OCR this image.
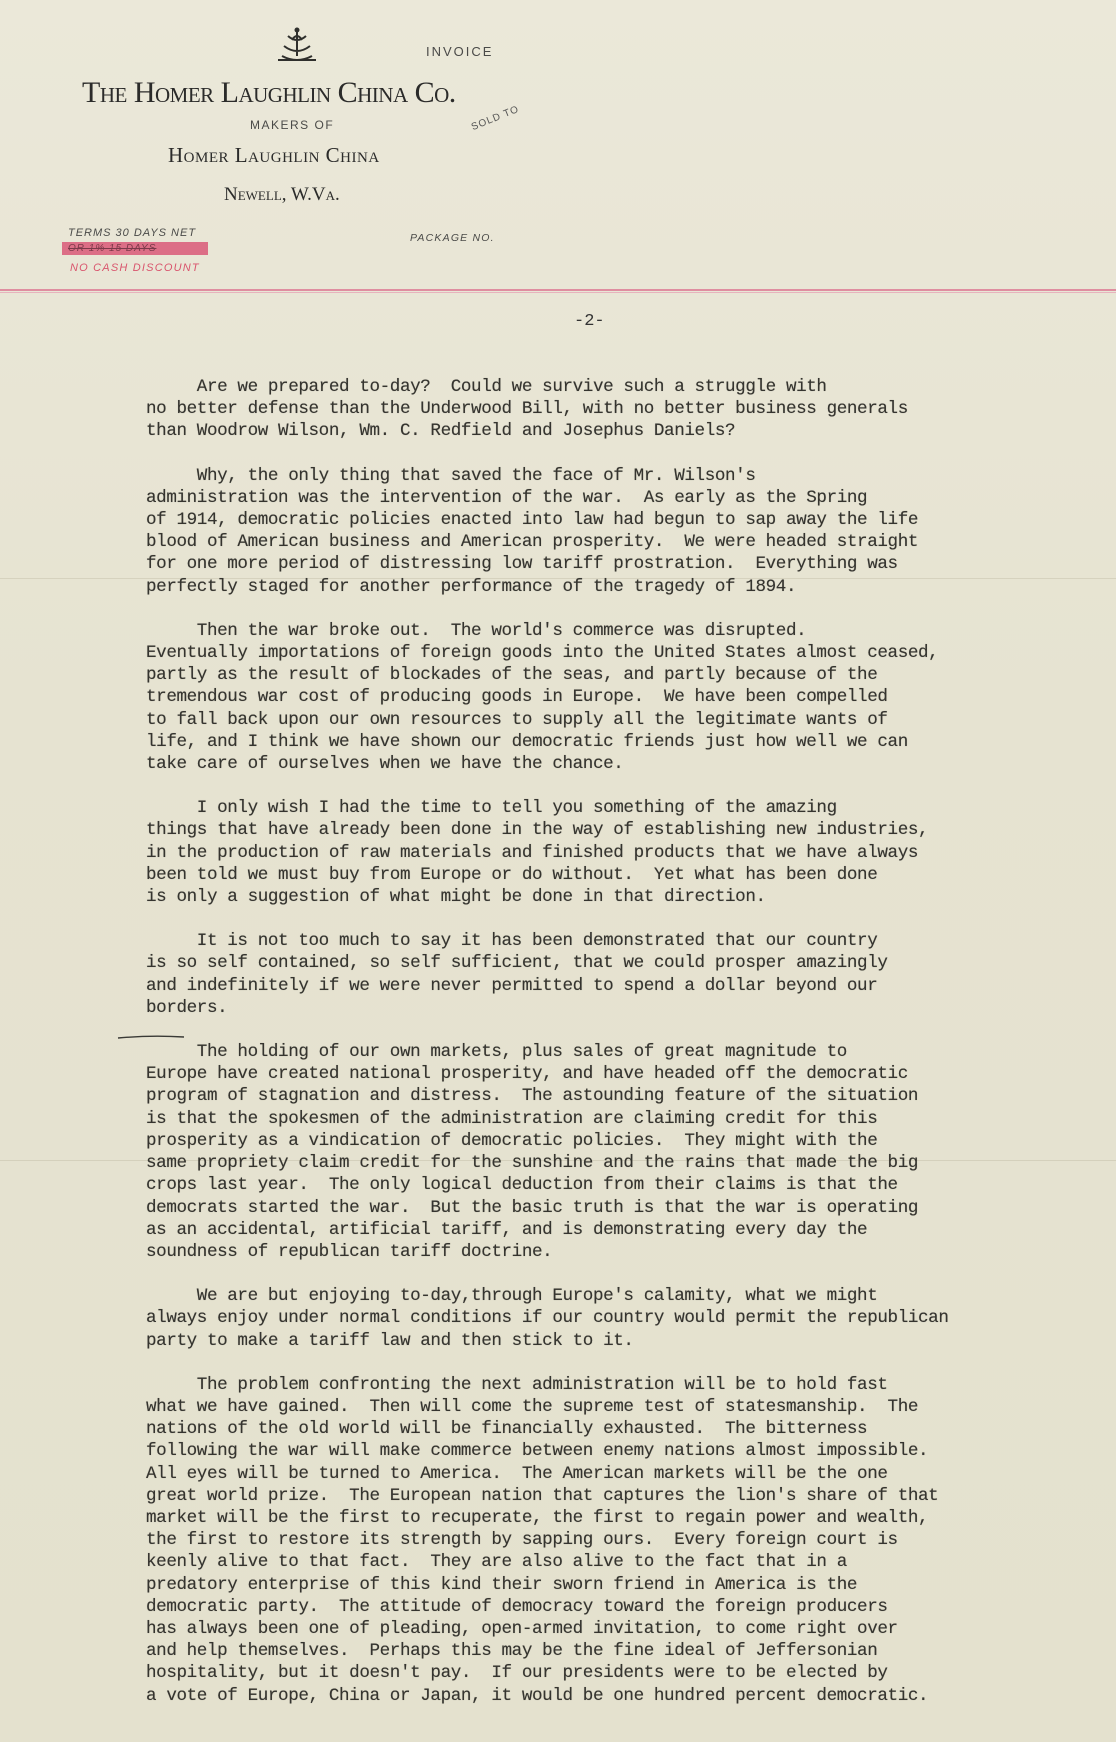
INVOICE
The Homer Laughlin China Co.
MAKERS OF	SOLD TO
Homer Laughlin China
Newell, W.Va.
TERMS 30 DAYS NET
OR 1% 15 DAYS
NO CASH DISCOUNT
PACKAGE NO.
-2-
Are we prepared to-day?  Could we survive such a struggle with
no better defense than the Underwood Bill, with no better business generals
than Woodrow Wilson, Wm. C. Redfield and Josephus Daniels?
Why, the only thing that saved the face of Mr. Wilson's
administration was the intervention of the war.  As early as the Spring
of 1914, democratic policies enacted into law had begun to sap away the life
blood of American business and American prosperity.  We were headed straight
for one more period of distressing low tariff prostration.  Everything was
perfectly staged for another performance of the tragedy of 1894.
Then the war broke out.  The world's commerce was disrupted.
Eventually importations of foreign goods into the United States almost ceased,
partly as the result of blockades of the seas, and partly because of the
tremendous war cost of producing goods in Europe.  We have been compelled
to fall back upon our own resources to supply all the legitimate wants of
life, and I think we have shown our democratic friends just how well we can
take care of ourselves when we have the chance.
I only wish I had the time to tell you something of the amazing
things that have already been done in the way of establishing new industries,
in the production of raw materials and finished products that we have always
been told we must buy from Europe or do without.  Yet what has been done
is only a suggestion of what might be done in that direction.
It is not too much to say it has been demonstrated that our country
is so self contained, so self sufficient, that we could prosper amazingly
and indefinitely if we were never permitted to spend a dollar beyond our
borders.
The holding of our own markets, plus sales of great magnitude to
Europe have created national prosperity, and have headed off the democratic
program of stagnation and distress.  The astounding feature of the situation
is that the spokesmen of the administration are claiming credit for this
prosperity as a vindication of democratic policies.  They might with the
same propriety claim credit for the sunshine and the rains that made the big
crops last year.  The only logical deduction from their claims is that the
democrats started the war.  But the basic truth is that the war is operating
as an accidental, artificial tariff, and is demonstrating every day the
soundness of republican tariff doctrine.
We are but enjoying to-day,through Europe's calamity, what we might
always enjoy under normal conditions if our country would permit the republican
party to make a tariff law and then stick to it.
The problem confronting the next administration will be to hold fast
what we have gained.  Then will come the supreme test of statesmanship.  The
nations of the old world will be financially exhausted.  The bitterness
following the war will make commerce between enemy nations almost impossible.
All eyes will be turned to America.  The American markets will be the one
great world prize.  The European nation that captures the lion's share of that
market will be the first to recuperate, the first to regain power and wealth,
the first to restore its strength by sapping ours.  Every foreign court is
keenly alive to that fact.  They are also alive to the fact that in a
predatory enterprise of this kind their sworn friend in America is the
democratic party.  The attitude of democracy toward the foreign producers
has always been one of pleading, open-armed invitation, to come right over
and help themselves.  Perhaps this may be the fine ideal of Jeffersonian
hospitality, but it doesn't pay.  If our presidents were to be elected by
a vote of Europe, China or Japan, it would be one hundred percent democratic.
